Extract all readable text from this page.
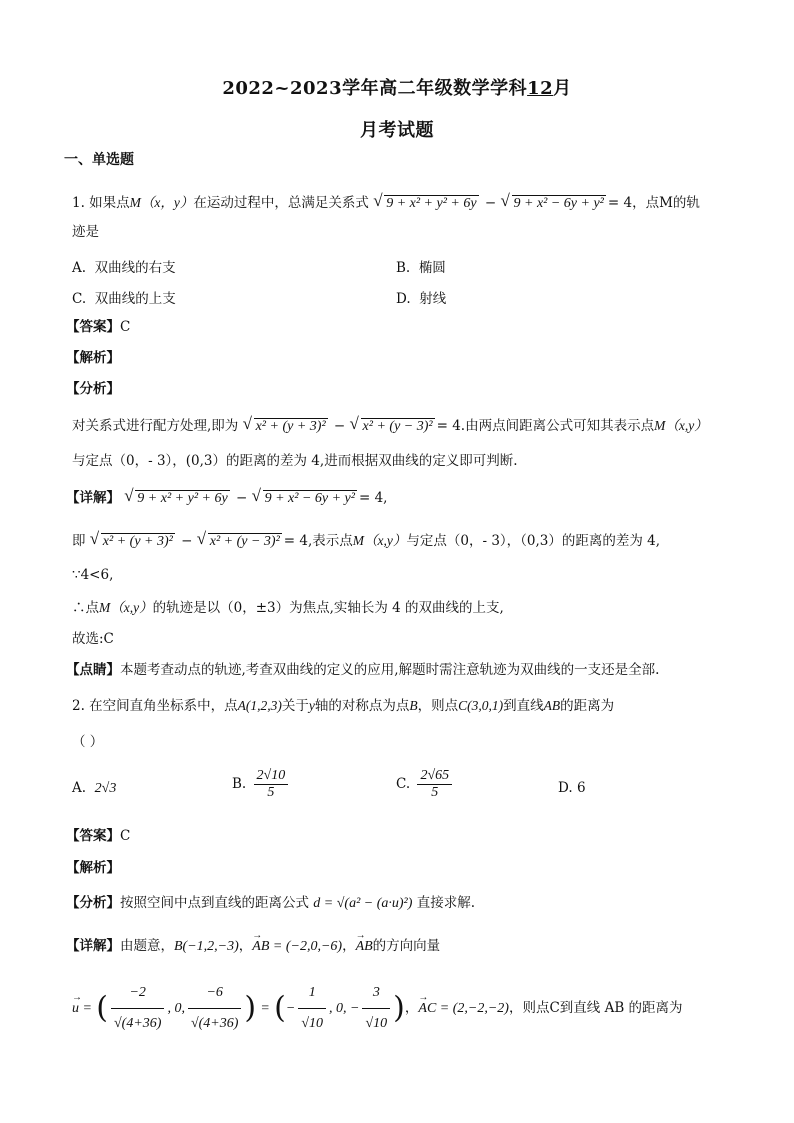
2022~2023学年高二年级数学学科12月
月考试题
一、单选题
1. 如果点M（x，y）在运动过程中，总满足关系式 √ 9 + x² + y² + 6y − √ 9 + x² − 6y + y² = 4，点M的轨
迹是
A. 双曲线的右支	B. 椭圆
C. 双曲线的上支	D. 射线
【答案】C
【解析】
【分析】
对关系式进行配方处理,即为 √ x² + (y + 3)² − √ x² + (y − 3)² = 4.由两点间距离公式可知其表示点M（x,y）
与定点（0，- 3），(0,3）的距离的差为 4,进而根据双曲线的定义即可判断.
【详解】 √ 9 + x² + y² + 6y − √ 9 + x² − 6y + y² = 4,
即 √ x² + (y + 3)² − √ x² + (y − 3)² = 4,表示点M（x,y）与定点（0，- 3），（0,3）的距离的差为 4,
∵4<6,
∴点M（x,y）的轨迹是以（0，±3）为焦点,实轴长为 4 的双曲线的上支,
故选:C
【点睛】本题考查动点的轨迹,考查双曲线的定义的应用,解题时需注意轨迹为双曲线的一支还是全部.
2. 在空间直角坐标系中，点A(1,2,3)关于y轴的对称点为点B，则点C(3,0,1)到直线AB的距离为
（ ）
A. 2√3	B. $\frac{2√10}{5}$	C. $\frac{2√65}{5}$	D. 6
【答案】C
【解析】
【分析】按照空间中点到直线的距离公式 d = √(a² − (a·u)²) 直接求解.
【详解】由题意，B(−1,2,−3)，→ AB = (−2,0,−6)，→ AB的方向向量
→ u = ( $\frac{-2}{√(4+36)}$ , 0, $\frac{-6}{√(4+36)}$ ) = (− $\frac{1}{√10}$ , 0, − $\frac{3}{√10}$ )，→ AC = (2,−2,−2)，则点C到直线 AB 的距离为
